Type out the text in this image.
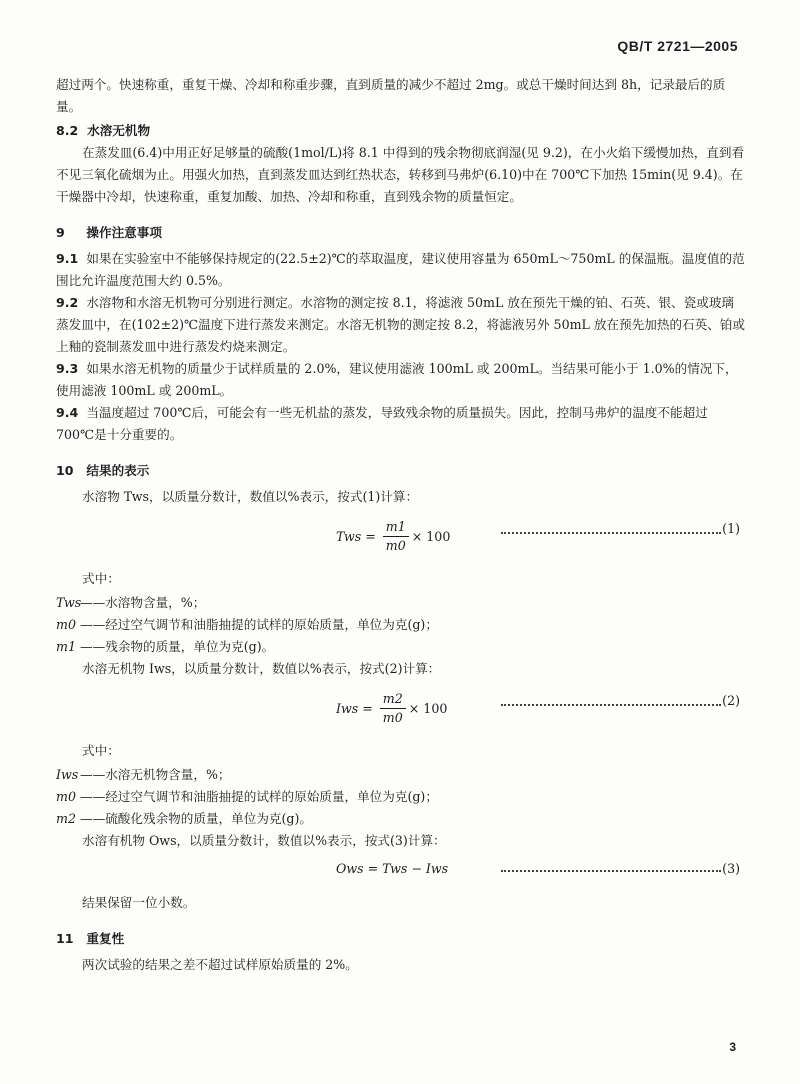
QB/T 2721—2005

超过两个。快速称重，重复干燥、冷却和称重步骤，直到质量的减少不超过 2mg。或总干燥时间达到 8h，记录最后的质量。

8.2 水溶无机物

在蒸发皿(6.4)中用正好足够量的硫酸(1mol/L)将 8.1 中得到的残余物彻底润湿(见 9.2)，在小火焰下缓慢加热，直到看不见三氧化硫烟为止。用强火加热，直到蒸发皿达到红热状态，转移到马弗炉(6.10)中在 700℃下加热 15min(见 9.4)。在干燥器中冷却，快速称重，重复加酸、加热、冷却和称重，直到残余物的质量恒定。

9 操作注意事项

9.1 如果在实验室中不能够保持规定的(22.5±2)℃的萃取温度，建议使用容量为 650mL～750mL 的保温瓶。温度值的范围比允许温度范围大约 0.5%。

9.2 水溶物和水溶无机物可分别进行测定。水溶物的测定按 8.1，将滤液 50mL 放在预先干燥的铂、石英、银、瓷或玻璃蒸发皿中，在(102±2)℃温度下进行蒸发来测定。水溶无机物的测定按 8.2，将滤液另外 50mL 放在预先加热的石英、铂或上釉的瓷制蒸发皿中进行蒸发灼烧来测定。

9.3 如果水溶无机物的质量少于试样质量的 2.0%，建议使用滤液 100mL 或 200mL。当结果可能小于 1.0%的情况下，使用滤液 100mL 或 200mL。

9.4 当温度超过 700℃后，可能会有一些无机盐的蒸发，导致残余物的质量损失。因此，控制马弗炉的温度不能超过 700℃是十分重要的。

10 结果的表示

水溶物 Tws，以质量分数计，数值以%表示，按式(1)计算：

Tws = $\frac{m1}{m0} \times 100$	(1)

式中：

Tws——水溶物含量，%；
m0 ——经过空气调节和油脂抽提的试样的原始质量，单位为克(g)；
m1 ——残余物的质量，单位为克(g)。

水溶无机物 Iws，以质量分数计，数值以%表示，按式(2)计算：

Iws = $\frac{m2}{m0} \times 100$	(2)

式中：

Iws ——水溶无机物含量，%；
m0 ——经过空气调节和油脂抽提的试样的原始质量，单位为克(g)；
m2 ——硫酸化残余物的质量，单位为克(g)。

水溶有机物 Ows，以质量分数计，数值以%表示，按式(3)计算：

Ows = Tws − Iws	(3)

结果保留一位小数。

11 重复性

两次试验的结果之差不超过试样原始质量的 2%。

3
